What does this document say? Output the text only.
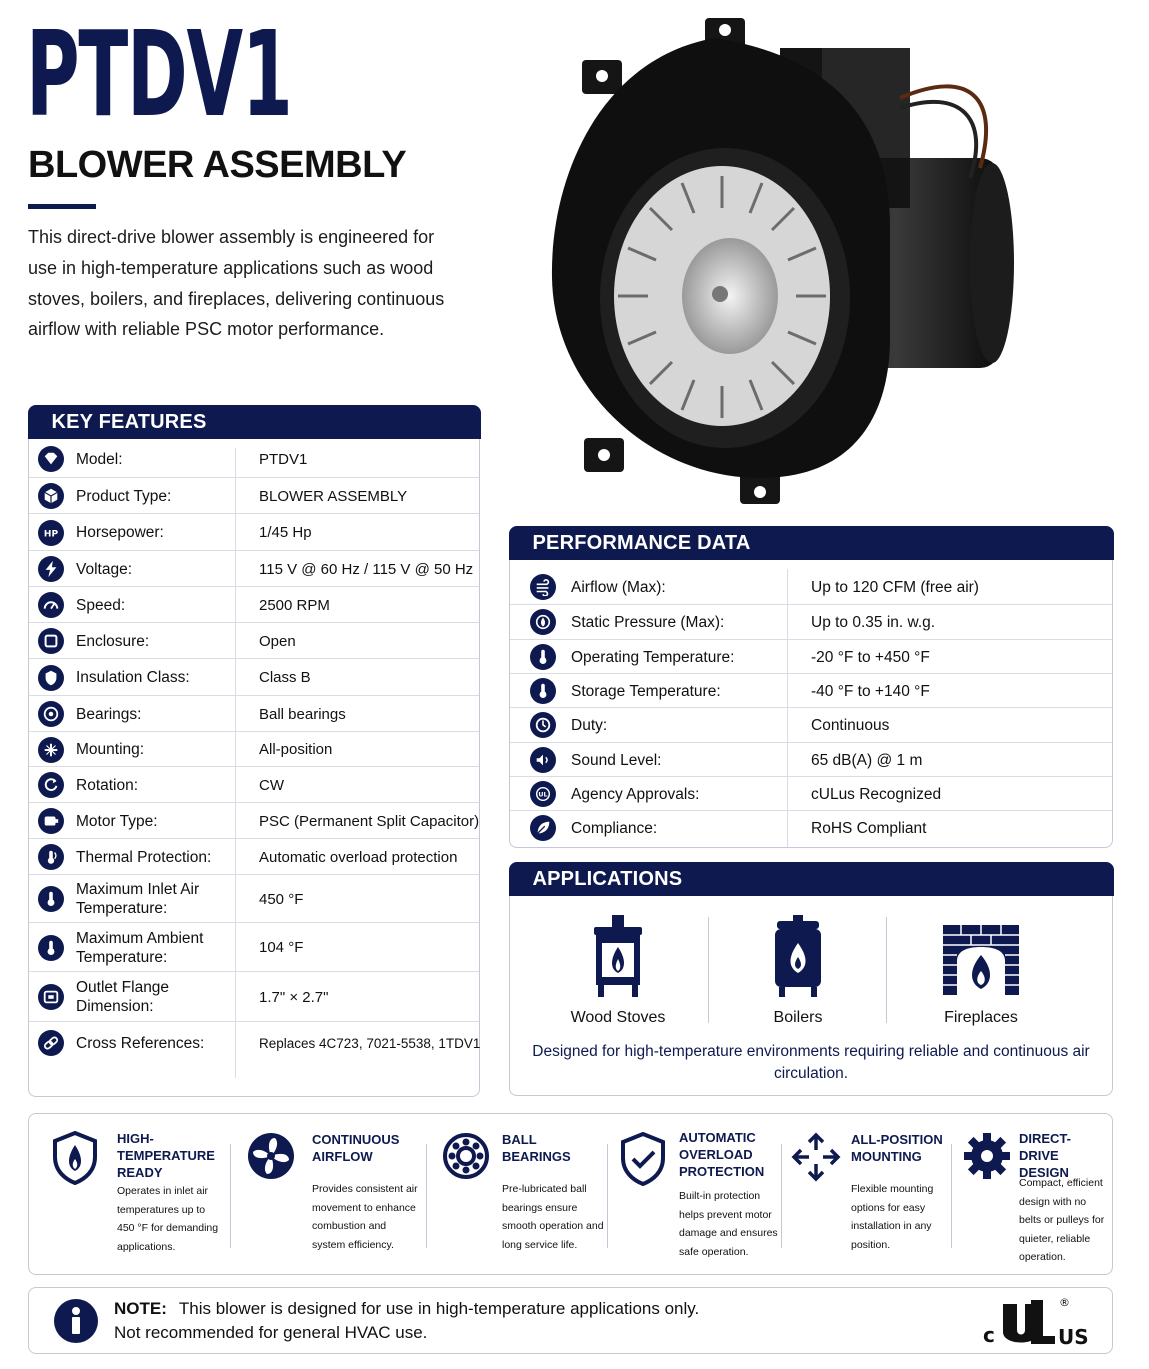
PTDV1
BLOWER ASSEMBLY
This direct-drive blower assembly is engineered for use in high-temperature applications such as wood stoves, boilers, and fireplaces, delivering continuous airflow with reliable PSC motor performance.
KEY FEATURES
Model:	PTDV1
Product Type:	BLOWER ASSEMBLY
HP Horsepower:	1/45 Hp
Voltage:	115 V @ 60 Hz / 115 V @ 50 Hz
Speed:	2500 RPM
Enclosure:	Open
Insulation Class:	Class B
Bearings:	Ball bearings
Mounting:	All-position
Rotation:	CW
Motor Type:	PSC (Permanent Split Capacitor)
Thermal Protection:	Automatic overload protection
Maximum Inlet Air Temperature:
450 °F
Maximum Ambient Temperature:
104 °F
Outlet Flange Dimension:
1.7" × 2.7"
Cross References:	Replaces 4C723, 7021-5538, 1TDV1
PERFORMANCE DATA
Airflow (Max):	Up to 120 CFM (free air)
Static Pressure (Max):	Up to 0.35 in. w.g.
Operating Temperature:	-20 °F to +450 °F
Storage Temperature:	-40 °F to +140 °F
Duty:	Continuous
Sound Level:	65 dB(A) @ 1 m
UL Agency Approvals:	cULus Recognized
Compliance:	RoHS Compliant
APPLICATIONS
Wood Stoves	Boilers	Fireplaces
Designed for high-temperature environments requiring reliable and continuous air circulation.
HIGH-TEMPERATURE READY
Operates in inlet air temperatures up to 450 °F for demanding applications.
CONTINUOUS AIRFLOW
Provides consistent air movement to enhance combustion and system efficiency.
BALL BEARINGS
Pre-lubricated ball bearings ensure smooth operation and long service life.
AUTOMATIC OVERLOAD PROTECTION
Built-in protection helps prevent motor damage and ensures safe operation.
ALL-POSITION MOUNTING
Flexible mounting options for easy installation in any position.
DIRECT-DRIVE DESIGN
Compact, efficient design with no belts or pulleys for quieter, reliable operation.
NOTE: This blower is designed for use in high-temperature applications only.
Not recommended for general HVAC use.	c	US
®
